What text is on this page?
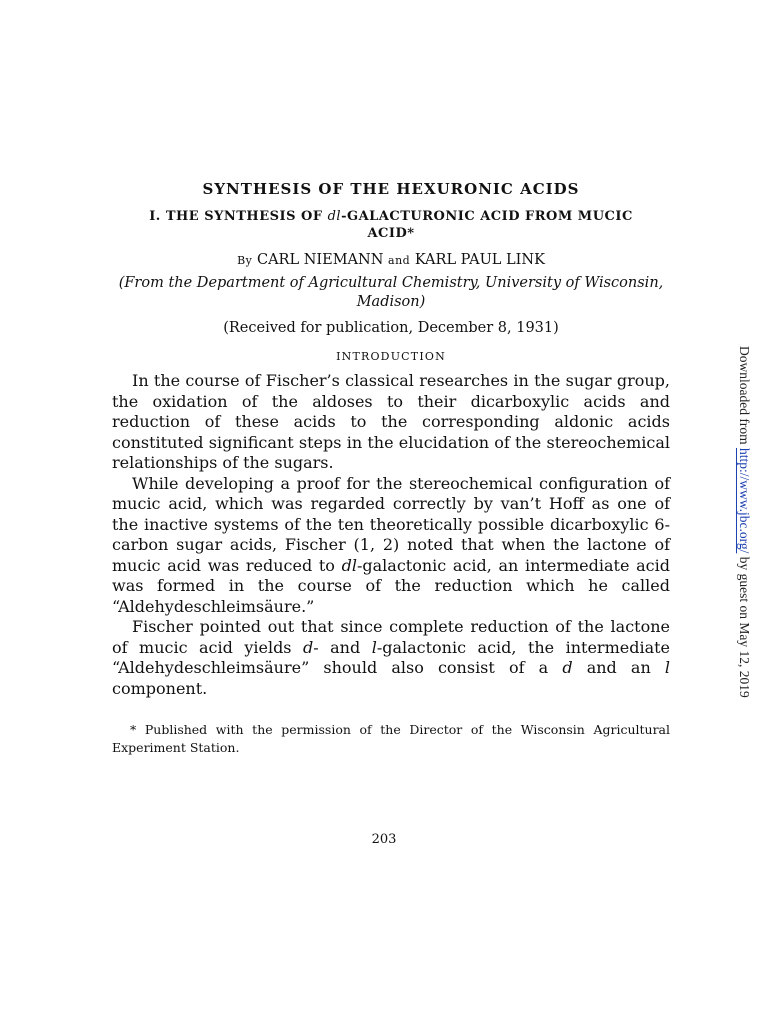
SYNTHESIS OF THE HEXURONIC ACIDS
I. THE SYNTHESIS OF dl-GALACTURONIC ACID FROM MUCIC ACID*
By CARL NIEMANN and KARL PAUL LINK
(From the Department of Agricultural Chemistry, University of Wisconsin, Madison)
(Received for publication, December 8, 1931)
INTRODUCTION

In the course of Fischer’s classical researches in the sugar group, the oxidation of the aldoses to their dicarboxylic acids and reduction of these acids to the corresponding aldonic acids constituted significant steps in the elucidation of the stereochemical relationships of the sugars.

While developing a proof for the stereochemical configuration of mucic acid, which was regarded correctly by van’t Hoff as one of the inactive systems of the ten theoretically possible dicarboxylic 6-carbon sugar acids, Fischer (1, 2) noted that when the lactone of mucic acid was reduced to dl-galactonic acid, an intermediate acid was formed in the course of the reduction which he called “Aldehydeschleimsäure.”

Fischer pointed out that since complete reduction of the lactone of mucic acid yields d- and l-galactonic acid, the intermediate “Aldehydeschleimsäure” should also consist of a d and an l component.

* Published with the permission of the Director of the Wisconsin Agricultural Experiment Station.

203
Downloaded from http://www.jbc.org/ by guest on May 12, 2019
